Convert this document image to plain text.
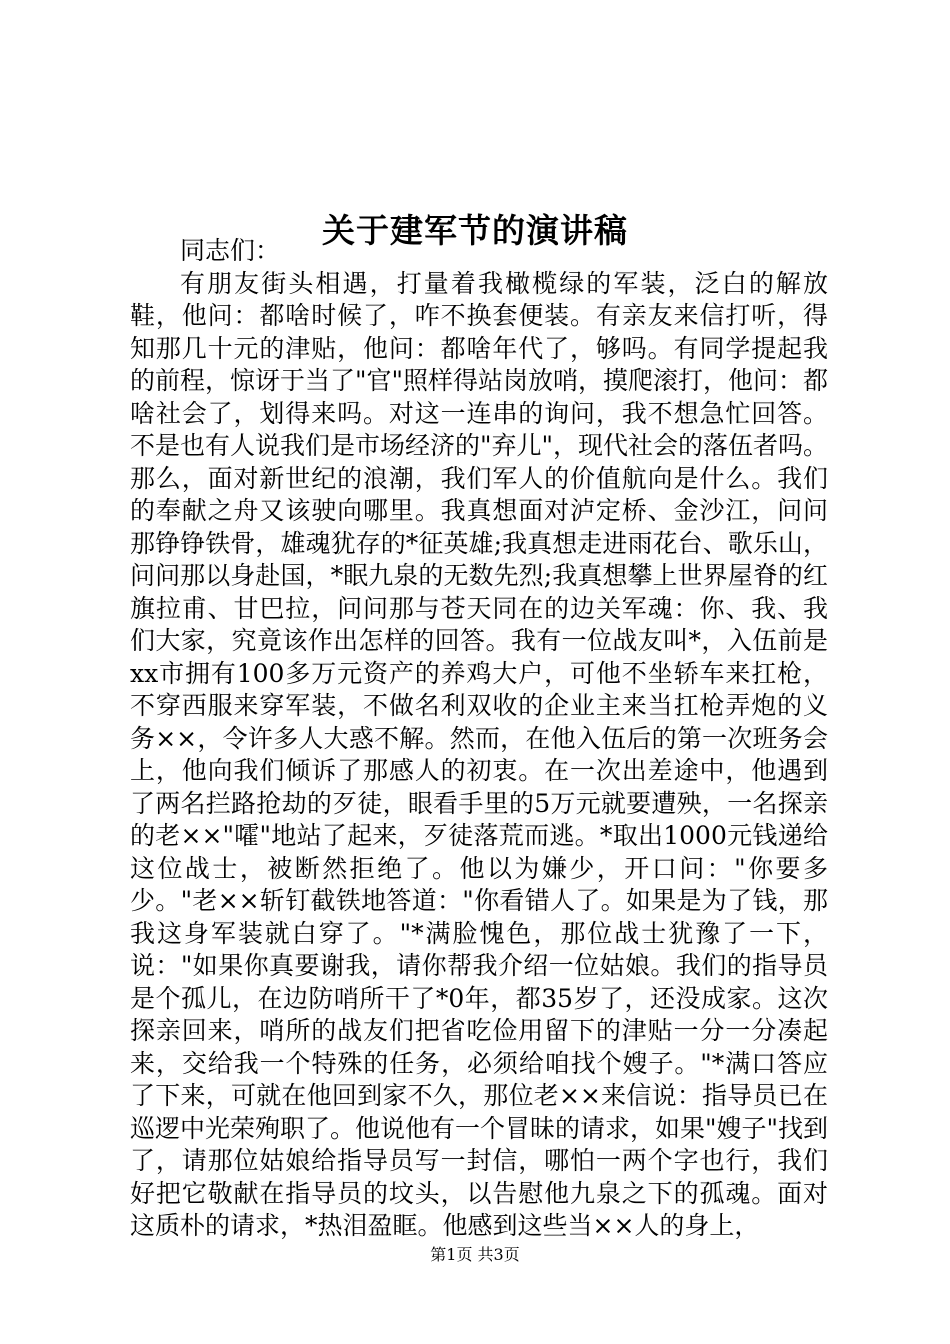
关于建军节的演讲稿

同志们：

有朋友街头相遇，打量着我橄榄绿的军装，泛白的解放鞋，他问：都啥时候了，咋不换套便装。有亲友来信打听，得知那几十元的津贴，他问：都啥年代了，够吗。有同学提起我的前程，惊讶于当了"官"照样得站岗放哨，摸爬滚打，他问：都啥社会了，划得来吗。对这一连串的询问，我不想急忙回答。不是也有人说我们是市场经济的"弃儿"，现代社会的落伍者吗。那么，面对新世纪的浪潮，我们军人的价值航向是什么。我们的奉献之舟又该驶向哪里。我真想面对泸定桥、金沙江，问问那铮铮铁骨，雄魂犹存的*征英雄;我真想走进雨花台、歌乐山，问问那以身赴国，*眠九泉的无数先烈;我真想攀上世界屋脊的红旗拉甫、甘巴拉，问问那与苍天同在的边关军魂：你、我、我们大家，究竟该作出怎样的回答。我有一位战友叫*，入伍前是xx市拥有100多万元资产的养鸡大户，可他不坐轿车来扛枪，不穿西服来穿军装，不做名利双收的企业主来当扛枪弄炮的义务××，令许多人大惑不解。然而，在他入伍后的第一次班务会上，他向我们倾诉了那感人的初衷。在一次出差途中，他遇到了两名拦路抢劫的歹徒，眼看手里的5万元就要遭殃，一名探亲的老××"嚯"地站了起来，歹徒落荒而逃。*取出1000元钱递给这位战士，被断然拒绝了。他以为嫌少，开口问："你要多少。"老××斩钉截铁地答道："你看错人了。如果是为了钱，那我这身军装就白穿了。"*满脸愧色，那位战士犹豫了一下，说："如果你真要谢我，请你帮我介绍一位姑娘。我们的指导员是个孤儿，在边防哨所干了*0年，都35岁了，还没成家。这次探亲回来，哨所的战友们把省吃俭用留下的津贴一分一分凑起来，交给我一个特殊的任务，必须给咱找个嫂子。"*满口答应了下来，可就在他回到家不久，那位老××来信说：指导员已在巡逻中光荣殉职了。他说他有一个冒昧的请求，如果"嫂子"找到了，请那位姑娘给指导员写一封信，哪怕一两个字也行，我们好把它敬献在指导员的坟头，以告慰他九泉之下的孤魂。面对这质朴的请求，*热泪盈眶。他感到这些当××人的身上，

第1页 共3页
